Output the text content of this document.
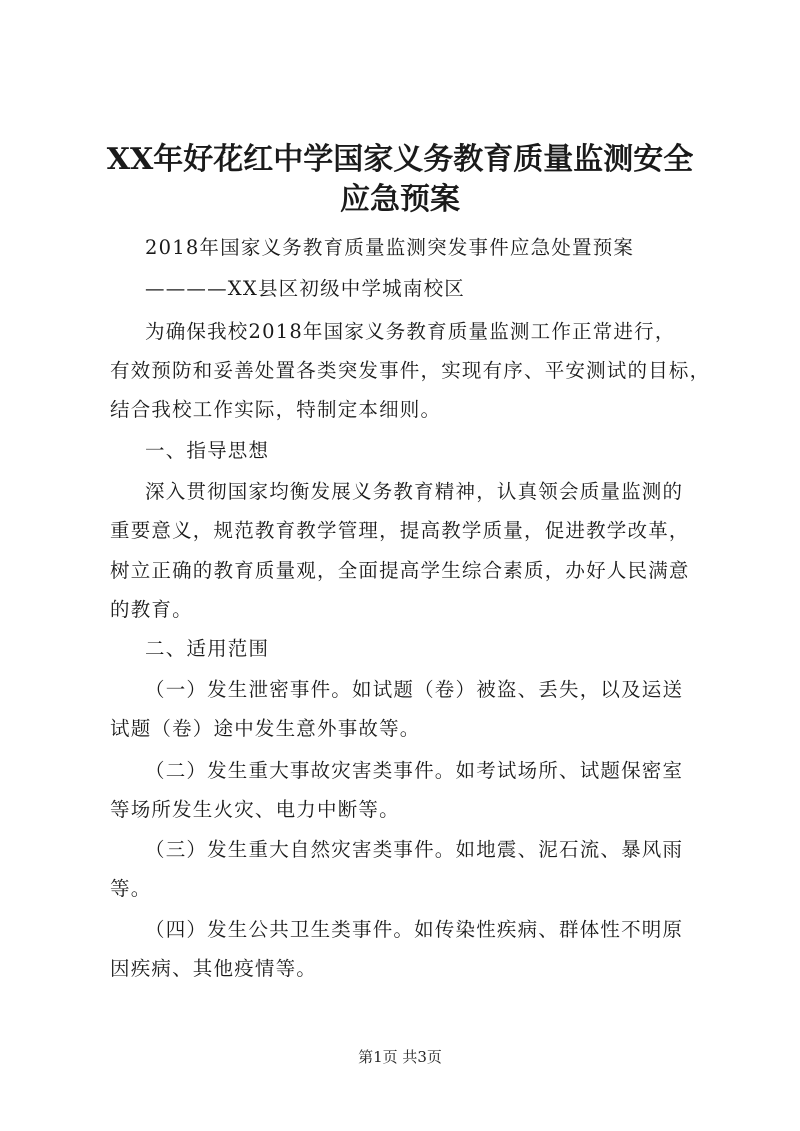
XX年好花红中学国家义务教育质量监测安全
应急预案
2018年国家义务教育质量监测突发事件应急处置预案
————XX县区初级中学城南校区
为确保我校2018年国家义务教育质量监测工作正常进行，
有效预防和妥善处置各类突发事件，实现有序、平安测试的目标，
结合我校工作实际，特制定本细则。
一、指导思想
深入贯彻国家均衡发展义务教育精神，认真领会质量监测的
重要意义，规范教育教学管理，提高教学质量，促进教学改革，
树立正确的教育质量观，全面提高学生综合素质，办好人民满意
的教育。
二、适用范围
（一）发生泄密事件。如试题（卷）被盗、丢失，以及运送
试题（卷）途中发生意外事故等。
（二）发生重大事故灾害类事件。如考试场所、试题保密室
等场所发生火灾、电力中断等。
（三）发生重大自然灾害类事件。如地震、泥石流、暴风雨
等。
（四）发生公共卫生类事件。如传染性疾病、群体性不明原
因疾病、其他疫情等。
第1页 共3页
